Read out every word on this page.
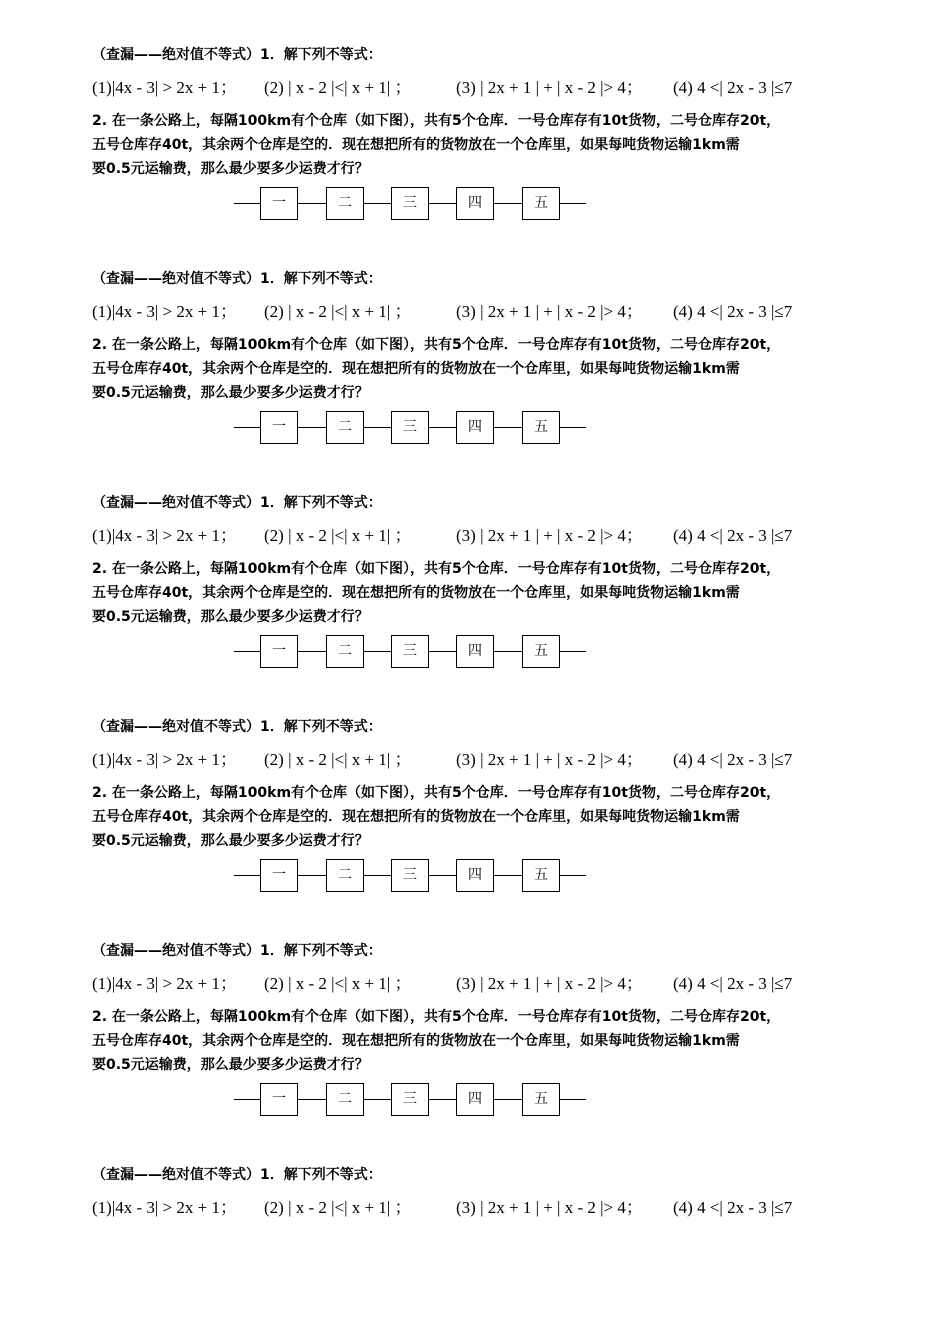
（查漏——绝对值不等式）1．解下列不等式：
(1)|4x - 3| > 2x + 1； (2) | x - 2 |<| x + 1| ；	(3) | 2x + 1 | + | x - 2 |> 4； (4) 4 <| 2x - 3 |≤7
2. 在一条公路上，每隔100km有个仓库（如下图），共有5个仓库．一号仓库存有10t货物，二号仓库存20t，
五号仓库存40t，其余两个仓库是空的．现在想把所有的货物放在一个仓库里，如果每吨货物运输1km需
要0.5元运输费，那么最少要多少运费才行？
一	二	三	四	五
（查漏——绝对值不等式）1．解下列不等式：
(1)|4x - 3| > 2x + 1； (2) | x - 2 |<| x + 1| ；	(3) | 2x + 1 | + | x - 2 |> 4； (4) 4 <| 2x - 3 |≤7
2. 在一条公路上，每隔100km有个仓库（如下图），共有5个仓库．一号仓库存有10t货物，二号仓库存20t，
五号仓库存40t，其余两个仓库是空的．现在想把所有的货物放在一个仓库里，如果每吨货物运输1km需
要0.5元运输费，那么最少要多少运费才行？
一	二	三	四	五
（查漏——绝对值不等式）1．解下列不等式：
(1)|4x - 3| > 2x + 1； (2) | x - 2 |<| x + 1| ；	(3) | 2x + 1 | + | x - 2 |> 4； (4) 4 <| 2x - 3 |≤7
2. 在一条公路上，每隔100km有个仓库（如下图），共有5个仓库．一号仓库存有10t货物，二号仓库存20t，
五号仓库存40t，其余两个仓库是空的．现在想把所有的货物放在一个仓库里，如果每吨货物运输1km需
要0.5元运输费，那么最少要多少运费才行？
一	二	三	四	五
（查漏——绝对值不等式）1．解下列不等式：
(1)|4x - 3| > 2x + 1； (2) | x - 2 |<| x + 1| ；	(3) | 2x + 1 | + | x - 2 |> 4； (4) 4 <| 2x - 3 |≤7
2. 在一条公路上，每隔100km有个仓库（如下图），共有5个仓库．一号仓库存有10t货物，二号仓库存20t，
五号仓库存40t，其余两个仓库是空的．现在想把所有的货物放在一个仓库里，如果每吨货物运输1km需
要0.5元运输费，那么最少要多少运费才行？
一	二	三	四	五
（查漏——绝对值不等式）1．解下列不等式：
(1)|4x - 3| > 2x + 1； (2) | x - 2 |<| x + 1| ；	(3) | 2x + 1 | + | x - 2 |> 4； (4) 4 <| 2x - 3 |≤7
2. 在一条公路上，每隔100km有个仓库（如下图），共有5个仓库．一号仓库存有10t货物，二号仓库存20t，
五号仓库存40t，其余两个仓库是空的．现在想把所有的货物放在一个仓库里，如果每吨货物运输1km需
要0.5元运输费，那么最少要多少运费才行？
一	二	三	四	五
（查漏——绝对值不等式）1．解下列不等式：
(1)|4x - 3| > 2x + 1； (2) | x - 2 |<| x + 1| ；	(3) | 2x + 1 | + | x - 2 |> 4； (4) 4 <| 2x - 3 |≤7
